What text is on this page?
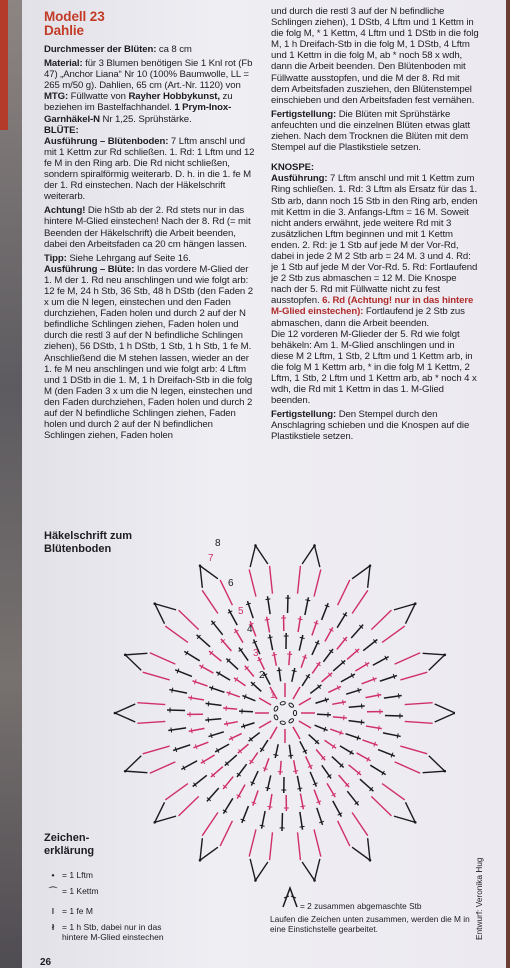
Modell 23
Dahlie

Durchmesser der Blüten: ca 8 cm

Material: für 3 Blumen benötigen Sie 1 Knl rot (Fb 47) „Anchor Liana“ Nr 10 (100% Baumwolle, LL = 265 m/50 g). Dahlien, 65 cm (Art.-Nr. 1120) von MTG: Füllwatte von Rayher Hobbykunst, zu beziehen im Bastelfachhandel. 1 Prym-Inox-Garnhäkel-N Nr 1,25. Sprühstärke.

BLÜTE:

Ausführung – Blütenboden: 7 Lftm anschl und mit 1 Kettm zur Rd schließen. 1. Rd: 1 Lftm und 12 fe M in den Ring arb. Die Rd nicht schließen, sondern spiralförmig weiterarb. D. h. in die 1. fe M der 1. Rd einstechen. Nach der Häkelschrift weiterarb.

Achtung! Die hStb ab der 2. Rd stets nur in das hintere M-Glied einstechen! Nach der 8. Rd (= mit Beenden der Häkelschrift) die Arbeit beenden, dabei den Arbeitsfaden ca 20 cm hängen lassen.

Tipp: Siehe Lehrgang auf Seite 16.

Ausführung – Blüte: In das vordere M-Glied der 1. M der 1. Rd neu anschlingen und wie folgt arb: 12 fe M, 24 h Stb, 36 Stb, 48 h DStb (den Faden 2 x um die N legen, einstechen und den Faden durchziehen, Faden holen und durch 2 auf der N befindliche Schlingen ziehen, Faden holen und durch die restl 3 auf der N befindliche Schlingen ziehen), 56 DStb, 1 h DStb, 1 Stb, 1 h Stb, 1 fe M. Anschließend die M stehen lassen, wieder an der 1. fe M neu anschlingen und wie folgt arb: 4 Lftm und 1 DStb in die 1. M, 1 h Dreifach-Stb in die folg M (den Faden 3 x um die N legen, einstechen und den Faden durchziehen, Faden holen und durch 2 auf der N befindliche Schlingen ziehen, Faden holen und durch 2 auf der N befindlichen Schlingen ziehen, Faden holen

und durch die restl 3 auf der N befindliche Schlingen ziehen), 1 DStb, 4 Lftm und 1 Kettm in die folg M, * 1 Kettm, 4 Lftm und 1 DStb in die folg M, 1 h Dreifach-Stb in die folg M, 1 DStb, 4 Lftm und 1 Kettm in die folg M, ab * noch 58 x wdh, dann die Arbeit beenden. Den Blütenboden mit Füllwatte ausstopfen, und die M der 8. Rd mit dem Arbeitsfaden zusziehen, den Blütenstempel einschieben und den Arbeitsfaden fest vernähen.

Fertigstellung: Die Blüten mit Sprühstärke anfeuchten und die einzelnen Blüten etwas glatt ziehen. Nach dem Trocknen die Blüten mit dem Stempel auf die Plastikstiele setzen.

KNOSPE:

Ausführung: 7 Lftm anschl und mit 1 Kettm zum Ring schließen. 1. Rd: 3 Lftm als Ersatz für das 1. Stb arb, dann noch 15 Stb in den Ring arb, enden mit Kettm in die 3. Anfangs-Lftm = 16 M. Soweit nicht anders erwähnt, jede weitere Rd mit 3 zusätzlichen Lftm beginnen und mit 1 Kettm enden. 2. Rd: je 1 Stb auf jede M der Vor-Rd, dabei in jede 2 M 2 Stb arb = 24 M. 3 und 4. Rd: je 1 Stb auf jede M der Vor-Rd. 5. Rd: Fortlaufend je 2 Stb zus abmaschen = 12 M. Die Knospe nach der 5. Rd mit Füllwatte nicht zu fest ausstopfen. 6. Rd (Achtung! nur in das hintere M-Glied einstechen): Fortlaufend je 2 Stb zus abmaschen, dann die Arbeit beenden.

Die 12 vorderen M-Glieder der 5. Rd wie folgt behäkeln: Am 1. M-Glied anschlingen und in diese M 2 Lftm, 1 Stb, 2 Lftm und 1 Kettm arb, in die folg M 1 Kettm arb, * in die folg M 1 Kettm, 2 Lftm, 1 Stb, 2 Lftm und 1 Kettm arb, ab * noch 4 x wdh, die Rd mit 1 Kettm in das 1. M-Glied beenden.

Fertigstellung: Den Stempel durch den Anschlagring schieben und die Knospen auf die Plastikstiele setzen.

Häkelschrift zum
Blütenboden	8
7
6
5
4
3
2
1
Zeichen-
erklärung
• = 1 Lftm
⌒ = 1 Kettm
ǀ = 1 fe M
ł = 1 h Stb, dabei nur in das
hintere M-Glied einstechen
= 2 zusammen abgemaschte Stb
Laufen die Zeichen unten zusammen, werden die M in eine Einstichstelle gearbeitet.	Entwurf: Veronika Hug
26
